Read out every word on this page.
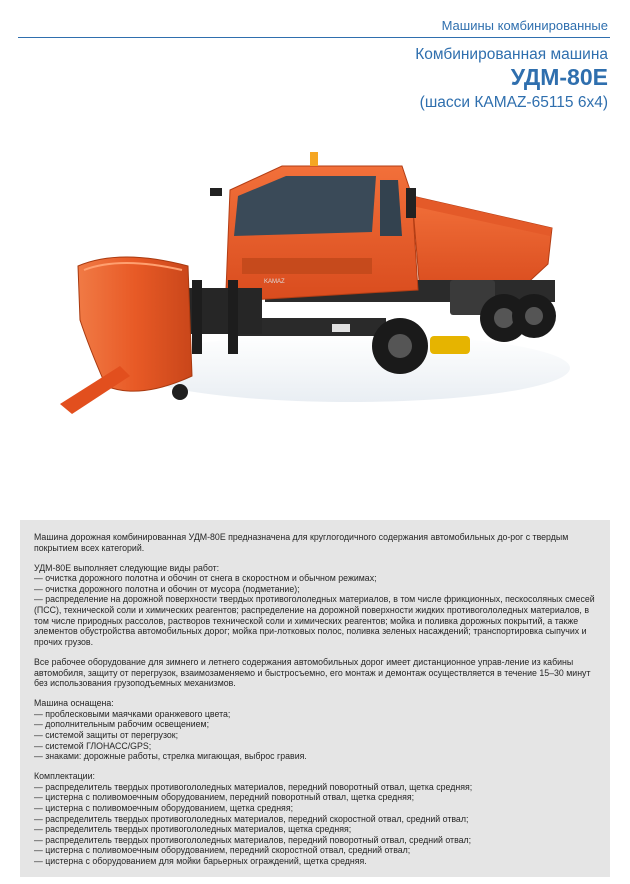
Машины комбинированные
Комбинированная машина
УДМ-80Е
(шасси КАМАZ-65115 6х4)
KAMAZ

Машина дорожная комбинированная УДМ-80Е предназначена для круглогодичного содержания автомобильных до-рог с твердым покрытием всех категорий.

УДМ-80Е выполняет следующие виды работ:
— очистка дорожного полотна и обочин от снега в скоростном и обычном режимах;
— очистка дорожного полотна и обочин от мусора (подметание);
— распределение на дорожной поверхности твердых противогололедных материалов, в том числе фрикционных, пескосоляных смесей (ПСС), технической соли и химических реагентов; распределение на дорожной поверхности жидких противогололедных материалов, в том числе природных рассолов, растворов технической соли и химических реагентов; мойка и поливка дорожных покрытий, а также элементов обустройства автомобильных дорог; мойка при-лотковых полос, поливка зеленых насаждений; транспортировка сыпучих и прочих грузов.

Все рабочее оборудование для зимнего и летнего содержания автомобильных дорог имеет дистанционное управ-ление из кабины автомобиля, защиту от перегрузок, взаимозаменяемо и быстросъемно, его монтаж и демонтаж осуществляется в течение 15–30 минут без использования грузоподъемных механизмов.

Машина оснащена:
— проблесковыми маячками оранжевого цвета;
— дополнительным рабочим освещением;
— системой защиты от перегрузок;
— системой ГЛОНАСС/GPS;
— знаками: дорожные работы, стрелка мигающая, выброс гравия.
Комплектации:
— распределитель твердых противогололедных материалов, передний поворотный отвал, щетка средняя;
— цистерна с поливомоечным оборудованием, передний поворотный отвал, щетка средняя;
— цистерна с поливомоечным оборудованием, щетка средняя;
— распределитель твердых противогололедных материалов, передний скоростной отвал, средний отвал;
— распределитель твердых противогололедных материалов, щетка средняя;
— распределитель твердых противогололедных материалов, передний поворотный отвал, средний отвал;
— цистерна с поливомоечным оборудованием, передний скоростной отвал, средний отвал;
— цистерна с оборудованием для мойки барьерных ограждений, щетка средняя.
